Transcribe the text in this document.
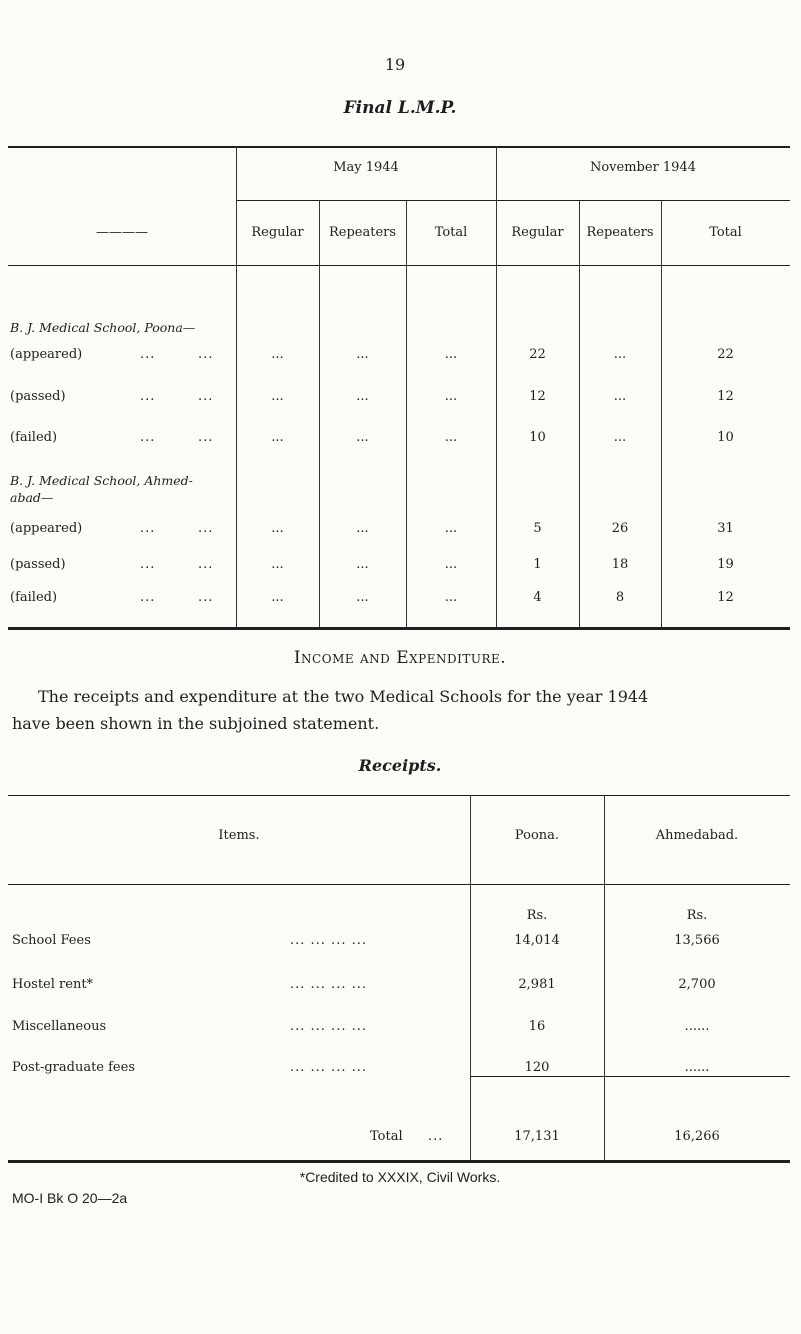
19
Final L.M.P.
————
May 1944	November 1944
Regular	Repeaters	Total	Regular	Repeaters	Total
B. J. Medical School, Poona—
(appeared)	...	...	...	...	...	22	...	22
(passed)	...	...	...	...	...	12	...	12
(failed)	...	...	...	...	...	10	...	10
B. J. Medical School, Ahmed-
abad—
(appeared)	...	...	...	...	...	5	26	31
(passed)	...	...	...	...	...	1	18	19
(failed)	...	...	...	...	...	4	8	12
Income and Expenditure.
The receipts and expenditure at the two Medical Schools for the year 1944
have been shown in the subjoined statement.
Receipts.
Items.	Poona.	Ahmedabad.
Rs.	Rs.
School Fees	... ... ... ...	14,014	13,566
Hostel rent*	... ... ... ...	2,981	2,700
Miscellaneous	... ... ... ...	16	......
Post-graduate fees	... ... ... ...	120	......
Total ...	17,131	16,266
*Credited to XXXIX, Civil Works.
MO-I Bk O 20—2a
